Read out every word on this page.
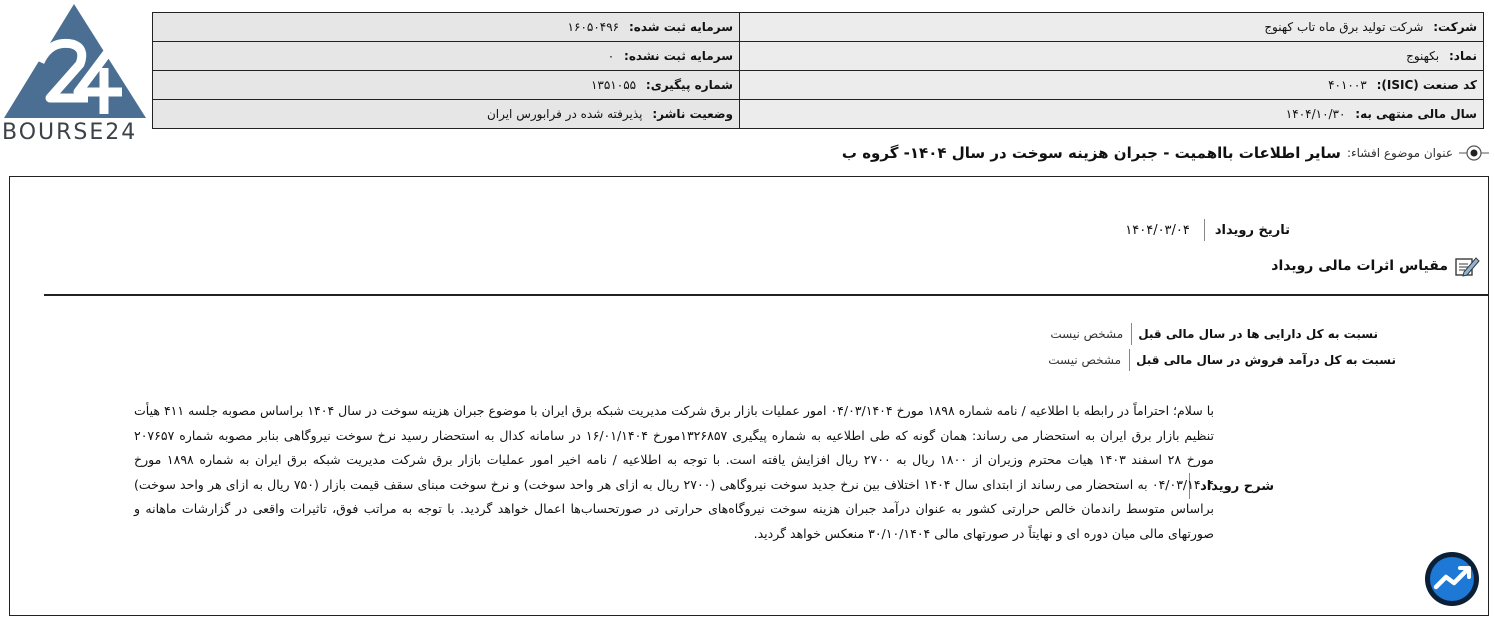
BOURSE24
شرکت: شرکت تولید برق ماه تاب کهنوج	سرمایه ثبت شده: ۱۶۰۵۰۴۹۶
نماد: بکهنوج	سرمایه ثبت نشده: ۰
کد صنعت (ISIC): ۴۰۱۰۰۳	شماره پیگیری: ۱۳۵۱۰۵۵
سال مالی منتهی به: ۱۴۰۴/۱۰/۳۰	وضعیت ناشر: پذیرفته شده در فرابورس ایران
عنوان موضوع افشاء:
سایر اطلاعات بااهمیت - جبران هزینه سوخت در سال ۱۴۰۴- گروه ب
تاریخ رویداد
۱۴۰۴/۰۳/۰۴
مقیاس اثرات مالی رویداد
نسبت به کل دارایی ها در سال مالی قبل
مشخص نیست
نسبت به کل درآمد فروش در سال مالی قبل
مشخص نیست
شرح رویداد
با سلام؛ احتراماً در رابطه با اطلاعیه / نامه شماره ۱۸۹۸ مورخ ۰۴/۰۳/۱۴۰۴ امور عملیات بازار برق شرکت مدیریت شبکه برق ایران با موضوع جبران هزینه سوخت در سال ۱۴۰۴ براساس مصوبه جلسه ۴۱۱ هیأت تنظیم بازار برق ایران به استحضار می رساند: همان گونه که طی اطلاعیه به شماره پیگیری ۱۳۲۶۸۵۷مورخ ۱۶/۰۱/۱۴۰۴ در سامانه کدال به استحضار رسید نرخ سوخت نیروگاهی بنابر مصوبه شماره ۲۰۷۶۵۷ مورخ ۲۸ اسفند ۱۴۰۳ هیات محترم وزیران از ۱۸۰۰ ریال به ۲۷۰۰ ریال افزایش یافته است. با توجه به اطلاعیه / نامه اخیر امور عملیات بازار برق شرکت مدیریت شبکه برق ایران به شماره ۱۸۹۸ مورخ ۰۴/۰۳/۱۴۰۴ به استحضار می رساند از ابتدای سال ۱۴۰۴ اختلاف بین نرخ جدید سوخت نیروگاهی (۲۷۰۰ ریال به ازای هر واحد سوخت) و نرخ سوخت مبنای سقف قیمت بازار (۷۵۰ ریال به ازای هر واحد سوخت) براساس متوسط راندمان خالص حرارتی کشور به عنوان درآمد جبران هزینه سوخت نیروگاه‌های حرارتی در صورتحساب‌ها اعمال خواهد گردید. با توجه به مراتب فوق، تاثیرات واقعی در گزارشات ماهانه و صورتهای مالی میان دوره ای و نهایتاً در صورتهای مالی ۳۰/۱۰/۱۴۰۴ منعکس خواهد گردید.
